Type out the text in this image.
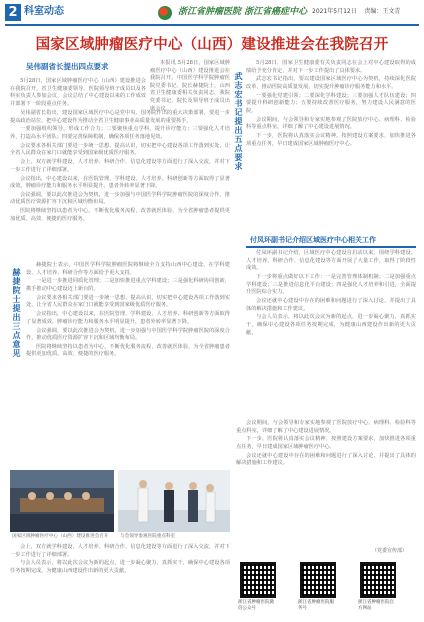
2 科室动态	浙江省肿瘤医院 浙江省癌症中心 2021年5月12日 责编：王文青
国家区域肿瘤医疗中心（山西）建设推进会在我院召开

本报讯 5月28日，国家区域肿瘤医疗中心（山西）建设推进会在我院召开。中国医学科学院肿瘤医院党委书记、院长赫捷院士，山西省卫生健康委相关负责同志，我院党委书记、院长及领导班子成员出席会议。

吴伟副省长提出四点要求

5月28日，国家区域肿瘤医疗中心（山西）建设推进会在我院召开，省卫生健康委领导、医院领导班子成员以及各科室负责人参加会议，会议总结了中心建设以来的工作成效并部署下一阶段重点任务。

吴伟副省长指出，建设国家区域医疗中心是党中央、国务院作出的重大决策部署，要进一步提高政治站位，把中心建设作为推动全省卫生健康事业高质量发展的重要抓手。

一要加强组织领导，形成工作合力；二要聚焦重点学科，提升诊疗能力；三要强化人才培养，打造高水平团队；四要完善保障机制，确保各项任务落地见效。

会议要求各相关部门要进一步统一思想、提高认识，切实把中心建设各项工作落到实处，让全省人民群众在家门口就能享受到国家级优质医疗服务。

会上，双方就学科建设、人才培养、科研合作、信息化建设等方面进行了深入交流，并对下一步工作进行了详细部署。

会议指出，中心建设以来，在医院管理、学科建设、人才培养、科研创新等方面取得了显著成效，肿瘤诊疗能力和服务水平明显提升，患者外转率显著下降。

会议强调，要以此次推进会为契机，进一步加强与中国医学科学院肿瘤医院的深度合作，推动优质医疗资源扩容下沉和区域均衡布局。

医院将继续坚持以患者为中心，不断优化服务流程，改善就医体验，为全省肿瘤患者提供更加优质、高效、便捷的医疗服务。

武志宏书记提出五点要求
赫捷院士提出三点意见

赫捷院士表示，中国医学科学院肿瘤医院将继续全力支持山西中心建设，在学科建设、人才培养、科研合作等方面给予更大支持。

一是进一步推进同质化管理；二是加快推进重点学科建设；三是强化科研协同创新，携手推动中心建设迈上新台阶。

会议要求各相关部门要进一步统一思想、提高认识，切实把中心建设各项工作落到实处，让全省人民群众在家门口就能享受到国家级优质医疗服务。

会议指出，中心建设以来，在医院管理、学科建设、人才培养、科研创新等方面取得了显著成效，肿瘤诊疗能力和服务水平明显提升，患者外转率显著下降。

会议强调，要以此次推进会为契机，进一步加强与中国医学科学院肿瘤医院的深度合作，推动优质医疗资源扩容下沉和区域均衡布局。

医院将继续坚持以患者为中心，不断优化服务流程，改善就医体验，为全省肿瘤患者提供更加优质、高效、便捷的医疗服务。

5月28日，国家卫生健康委有关负责同志在会上对中心建设取得的成绩给予充分肯定，并对下一步工作提出了具体要求。

武志宏书记指出，要以建设国家区域医疗中心为契机，持续深化医院改革，推动医院高质量发展，切实提升肿瘤诊疗服务能力和水平。

一要强化党建引领；二要深化学科建设；三要加强人才队伍建设；四要提升科研创新能力；五要持续改善医疗服务，努力建设人民满意的医院。

会议期间，与会领导和专家实地参观了医院放疗中心、病理科、检验科等重点科室，详细了解了中心建设进展情况。

下一步，医院将认真落实会议精神，按照建设方案要求，加快推进各项重点任务，早日建成国家区域肿瘤医疗中心。

付凤环副书记介绍区域医疗中心相关工作

付凤环副书记介绍，区域医疗中心建设自启动以来，围绕学科建设、人才培养、科研合作、信息化建设等方面开展了大量工作，取得了阶段性成效。

下一步将重点做好以下工作：一是完善管理体制机制；二是加强重点学科建设；三是推进信息化平台建设；四是强化人才培养和引进，全面提升医院综合实力。

会议还就中心建设中存在的困难和问题进行了深入讨论，并提出了具体的解决措施和工作建议。

与会人员表示，将以此次会议为新的起点，进一步凝心聚力，真抓实干，确保中心建设各项任务按期完成，为健康山西建设作出新的更大贡献。

国家区域肿瘤医疗中心（山西）建设推进会召开	与会领导参观医院重点科室

会上，双方就学科建设、人才培养、科研合作、信息化建设等方面进行了深入交流，并对下一步工作进行了详细部署。

与会人员表示，将以此次会议为新的起点，进一步凝心聚力，真抓实干，确保中心建设各项任务按期完成，为健康山西建设作出新的更大贡献。

会议期间，与会领导和专家实地参观了医院放疗中心、病理科、检验科等重点科室，详细了解了中心建设进展情况。

下一步，医院将认真落实会议精神，按照建设方案要求，加快推进各项重点任务，早日建成国家区域肿瘤医疗中心。

会议还就中心建设中存在的困难和问题进行了深入讨论，并提出了具体的解决措施和工作建议。

浙江省肿瘤医院微信公众号
浙江省肿瘤医院服务号
浙江省肿瘤医院官方网站
（党委宣传部）
